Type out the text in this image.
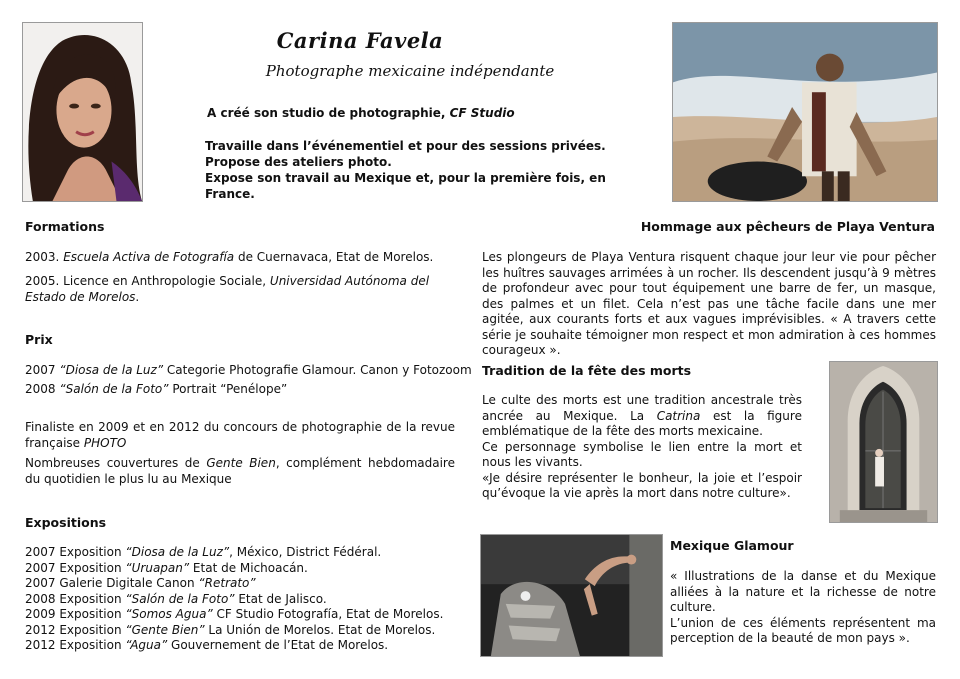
Carina Favela
Photographe mexicaine indépendante
A créé son studio de photographie, CF Studio
Travaille dans l’événementiel et pour des sessions privées.
Propose des ateliers photo.
Expose son travail au Mexique et, pour la première fois, en France.
Formations
2003. Escuela Activa de Fotografía de Cuernavaca, Etat de Morelos.
2005. Licence en Anthropologie Sociale, Universidad Autónoma del Estado de Morelos.
Prix
2007 “Diosa de la Luz” Categorie Photografie Glamour. Canon y Fotozoom
2008 “Salón de la Foto” Portrait “Penélope”
Finaliste en 2009 et en 2012 du concours de photographie de la revue française PHOTO
Nombreuses couvertures de Gente Bien, complément hebdomadaire du quotidien le plus lu au Mexique
Expositions
2007 Exposition “Diosa de la Luz”, México, District Fédéral.
2007 Exposition “Uruapan” Etat de Michoacán.
2007 Galerie Digitale Canon “Retrato”
2008 Exposition “Salón de la Foto” Etat de Jalisco.
2009 Exposition “Somos Agua” CF Studio Fotografía, Etat de Morelos.
2012 Exposition “Gente Bien” La Unión de Morelos. Etat de Morelos.
2012 Exposition “Agua” Gouvernement de l’Etat de Morelos.
Hommage aux pêcheurs de Playa Ventura
Les plongeurs de Playa Ventura risquent chaque jour leur vie pour pêcher les huîtres sauvages arrimées à un rocher. Ils descendent jusqu’à 9 mètres de profondeur avec pour tout équipement une barre de fer, un masque, des palmes et un filet. Cela n’est pas une tâche facile dans une mer agitée, aux courants forts et aux vagues imprévisibles. « A travers cette série je souhaite témoigner mon respect et mon admiration à ces hommes courageux ».
Tradition de la fête des morts
Le culte des morts est une tradition ancestrale très ancrée au Mexique. La Catrina est la figure emblématique de la fête des morts mexicaine.
Ce personnage symbolise le lien entre la mort et nous les vivants.
«Je désire représenter le bonheur, la joie et l’espoir qu’évoque la vie après la mort dans notre culture».
Mexique Glamour
« Illustrations de la danse et du Mexique alliées à la nature et la richesse de notre culture.
L’union de ces éléments représentent ma perception de la beauté de mon pays ».
